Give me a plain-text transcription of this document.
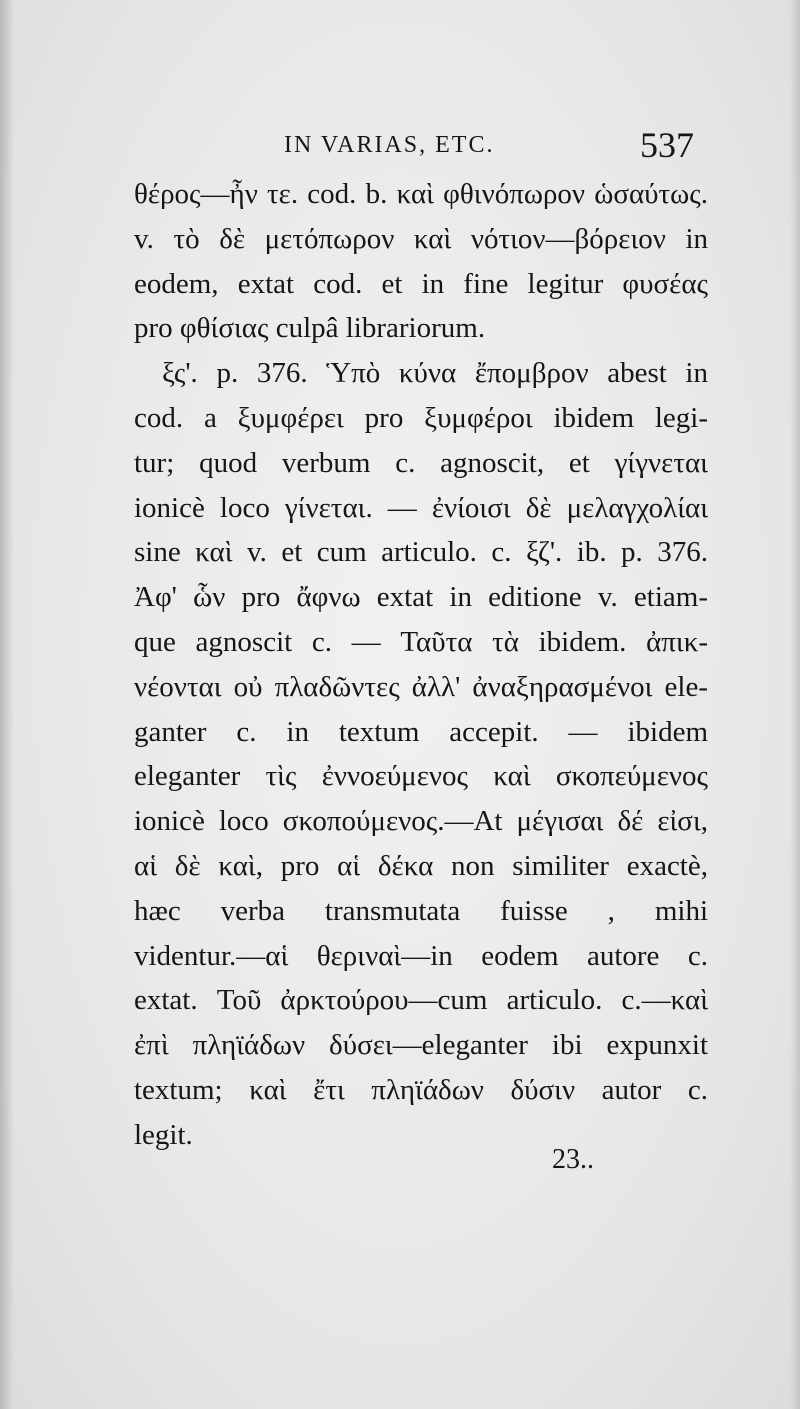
IN VARIAS, ETC.	537
θέρος—ἦν τε. cod. b. καὶ φθινόπωρον ὡσαύτως.
v. τὸ δὲ μετόπωρον καὶ νότιον—βόρειον in
eodem, extat cod. et in fine legitur φυσέας
pro φθίσιας culpâ librariorum.
ξς'. p. 376. Ὑπὸ κύνα ἔπομβρον abest in
cod. a ξυμφέρει pro ξυμφέροι ibidem legi-
tur; quod verbum c. agnoscit, et γίγνεται
ionicè loco γίνεται. — ἐνίοισι δὲ μελαγχολίαι
sine καὶ v. et cum articulo. c. ξζ'. ib. p. 376.
Ἀφ' ὧν pro ἄφνω extat in editione v. etiam-
que agnoscit c. — Ταῦτα τὰ ibidem. ἀπικ-
νέονται οὐ πλαδῶντες ἀλλ' ἀναξηρασμένοι ele-
ganter c. in textum accepit. — ibidem
eleganter τὶς ἐννοεύμενος καὶ σκοπεύμενος
ionicè loco σκοπούμενος.—At μέγισαι δέ εἰσι,
αἱ δὲ καὶ, pro αἱ δέκα non similiter exactè,
hæc verba transmutata fuisse , mihi
videntur.—αἱ θεριναὶ—in eodem autore c.
extat. Τοῦ ἀρκτούρου—cum articulo. c.—καὶ
ἐπὶ πληϊάδων δύσει—eleganter ibi expunxit
textum; καὶ ἔτι πληϊάδων δύσιν autor c.
legit.
23..
